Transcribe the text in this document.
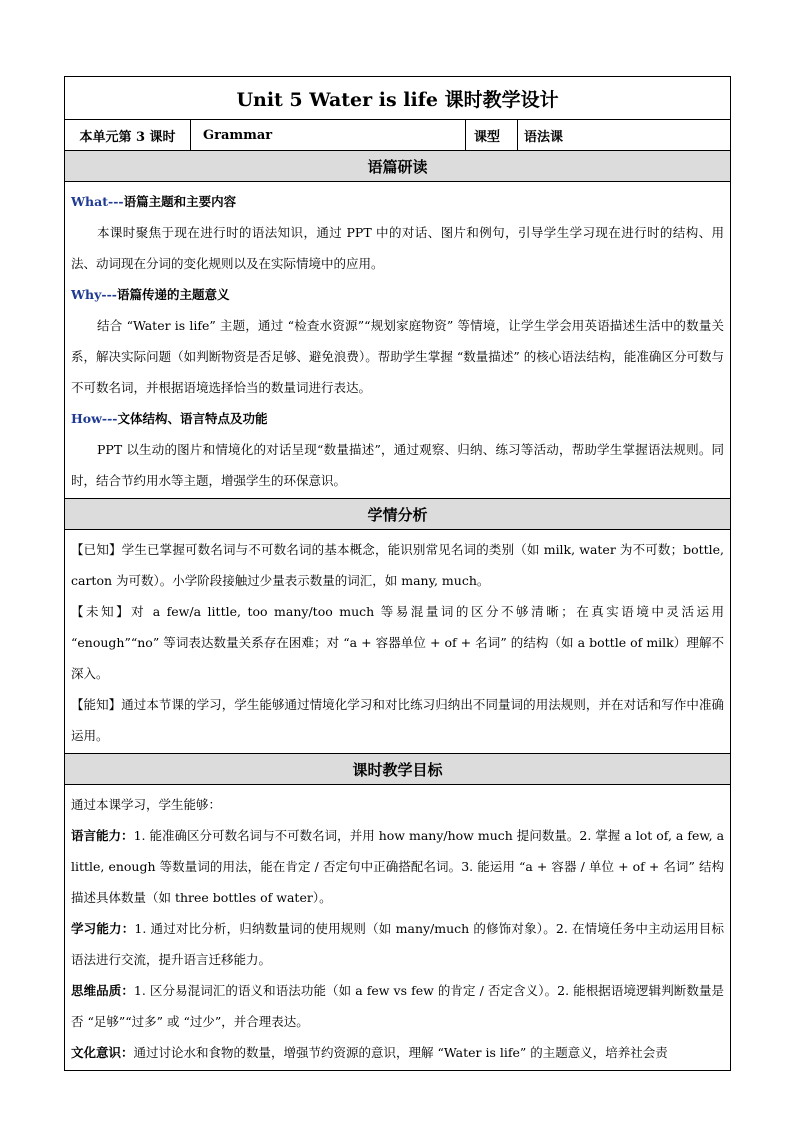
Unit 5 Water is life 课时教学设计
本单元第 3 课时	Grammar	课型	语法课
语篇研读

What---语篇主题和主要内容
本课时聚焦于现在进行时的语法知识，通过 PPT 中的对话、图片和例句，引导学生学习现在进行时的结构、用法、动词现在分词的变化规则以及在实际情境中的应用。
Why---语篇传递的主题意义
结合 “Water is life” 主题，通过 “检查水资源”“规划家庭物资” 等情境，让学生学会用英语描述生活中的数量关系，解决实际问题（如判断物资是否足够、避免浪费）。帮助学生掌握 “数量描述” 的核心语法结构，能准确区分可数与不可数名词，并根据语境选择恰当的数量词进行表达。
How---文体结构、语言特点及功能
PPT 以生动的图片和情境化的对话呈现“数量描述”，通过观察、归纳、练习等活动，帮助学生掌握语法规则。同时，结合节约用水等主题，增强学生的环保意识。

学情分析

【已知】学生已掌握可数名词与不可数名词的基本概念，能识别常见名词的类别（如 milk, water 为不可数；bottle, carton 为可数）。小学阶段接触过少量表示数量的词汇，如 many, much。
【未知】对 a few/a little, too many/too much 等易混量词的区分不够清晰；在真实语境中灵活运用 “enough”“no” 等词表达数量关系存在困难；对 “a + 容器单位 + of + 名词” 的结构（如 a bottle of milk）理解不深入。
【能知】通过本节课的学习，学生能够通过情境化学习和对比练习归纳出不同量词的用法规则，并在对话和写作中准确运用。

课时教学目标

通过本课学习，学生能够：
语言能力：1. 能准确区分可数名词与不可数名词，并用 how many/how much 提问数量。2. 掌握 a lot of, a few, a little, enough 等数量词的用法，能在肯定 / 否定句中正确搭配名词。3. 能运用 “a + 容器 / 单位 + of + 名词” 结构描述具体数量（如 three bottles of water）。
学习能力：1. 通过对比分析，归纳数量词的使用规则（如 many/much 的修饰对象）。2. 在情境任务中主动运用目标语法进行交流，提升语言迁移能力。
思维品质：1. 区分易混词汇的语义和语法功能（如 a few vs few 的肯定 / 否定含义）。2. 能根据语境逻辑判断数量是否 “足够”“过多” 或 “过少”，并合理表达。
文化意识：通过讨论水和食物的数量，增强节约资源的意识，理解 “Water is life” 的主题意义，培养社会责
